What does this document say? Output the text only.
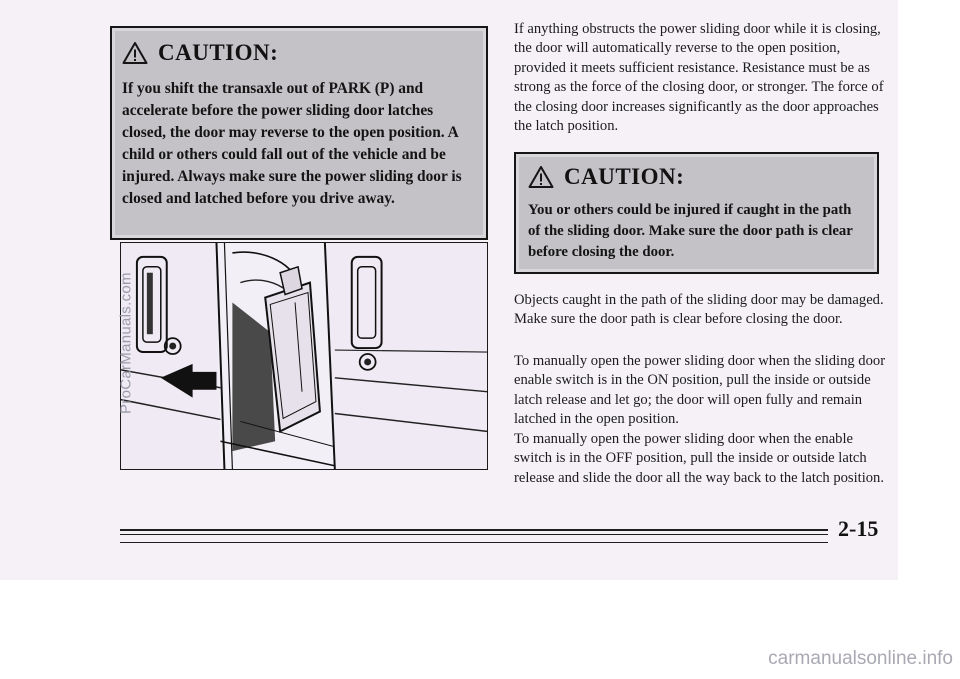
CAUTION:
If you shift the transaxle out of PARK (P) and accelerate before the power sliding door latches closed, the door may reverse to the open position. A child or others could fall out of the vehicle and be injured. Always make sure the power sliding door is closed and latched before you drive away.

If anything obstructs the power sliding door while it is closing, the door will automatically reverse to the open position, provided it meets sufficient resistance. Resistance must be as strong as the force of the closing door, or stronger. The force of the closing door increases significantly as the door approaches the latch position.

CAUTION:
You or others could be injured if caught in the path of the sliding door. Make sure the door path is clear before closing the door.

Objects caught in the path of the sliding door may be damaged. Make sure the door path is clear before closing the door.

To manually open the power sliding door when the sliding door enable switch is in the ON position, pull the inside or outside latch release and let go; the door will open fully and remain latched in the open position.

To manually open the power sliding door when the enable switch is in the OFF position, pull the inside or outside latch release and slide the door all the way back to the latch position.

2-15
ProCarManuals.com
carmanualsonline.info
